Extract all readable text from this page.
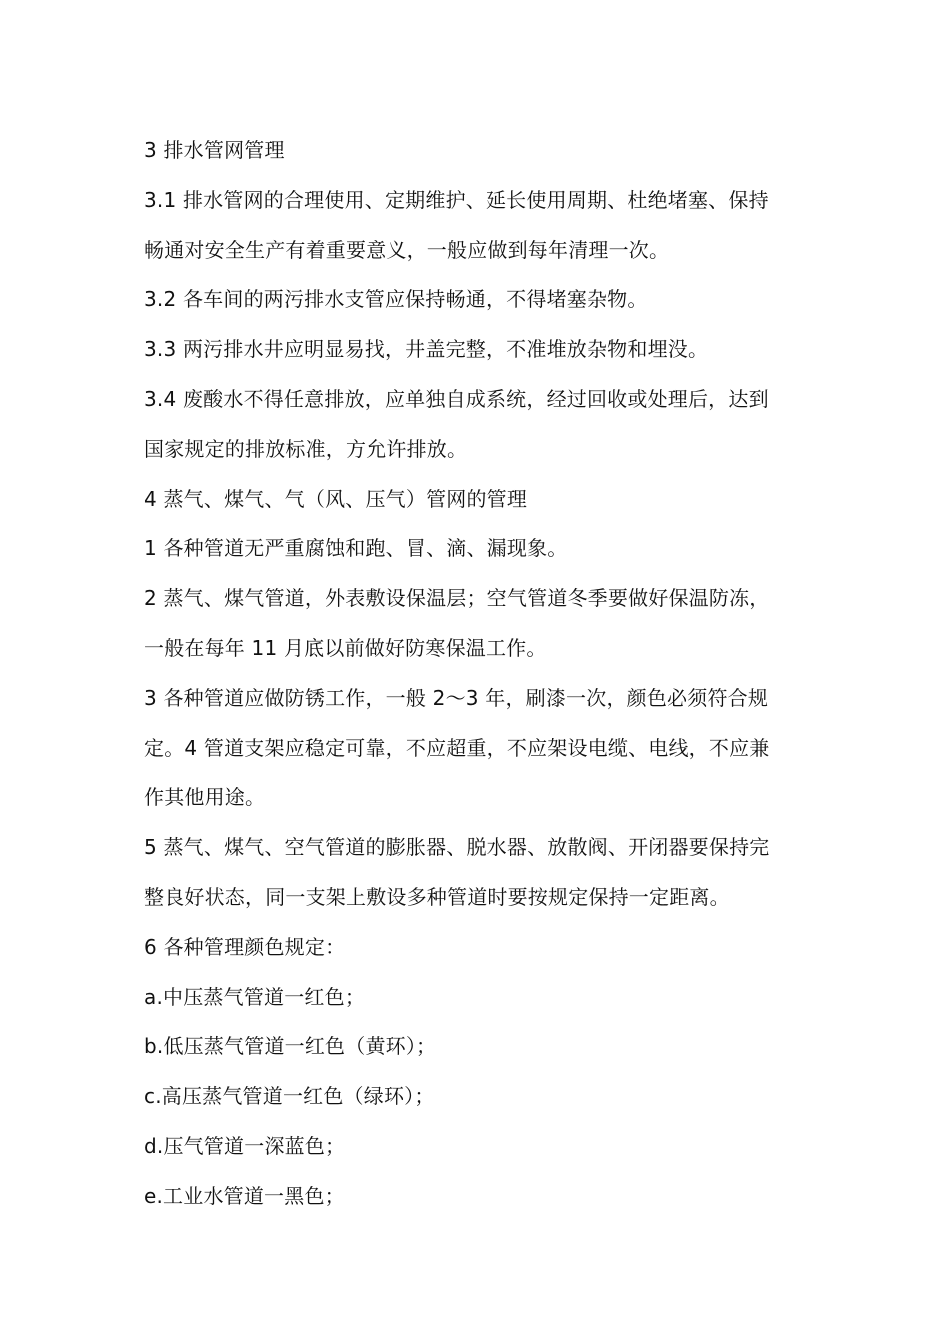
3 排水管网管理

3.1 排水管网的合理使用、定期维护、延长使用周期、杜绝堵塞、保持

畅通对安全生产有着重要意义，一般应做到每年清理一次。

3.2 各车间的两污排水支管应保持畅通，不得堵塞杂物。

3.3 两污排水井应明显易找，井盖完整，不准堆放杂物和埋没。

3.4 废酸水不得任意排放，应单独自成系统，经过回收或处理后，达到

国家规定的排放标准，方允许排放。

4 蒸气、煤气、气（风、压气）管网的管理

1 各种管道无严重腐蚀和跑、冒、滴、漏现象。

2 蒸气、煤气管道，外表敷设保温层；空气管道冬季要做好保温防冻，

一般在每年 11 月底以前做好防寒保温工作。

3 各种管道应做防锈工作，一般 2～3 年，刷漆一次，颜色必须符合规

定。4 管道支架应稳定可靠，不应超重，不应架设电缆、电线，不应兼

作其他用途。

5 蒸气、煤气、空气管道的膨胀器、脱水器、放散阀、开闭器要保持完

整良好状态，同一支架上敷设多种管道时要按规定保持一定距离。

6 各种管理颜色规定：

a.中压蒸气管道一红色；

b.低压蒸气管道一红色（黄环）；

c.高压蒸气管道一红色（绿环）；

d.压气管道一深蓝色；

e.工业水管道一黑色；
